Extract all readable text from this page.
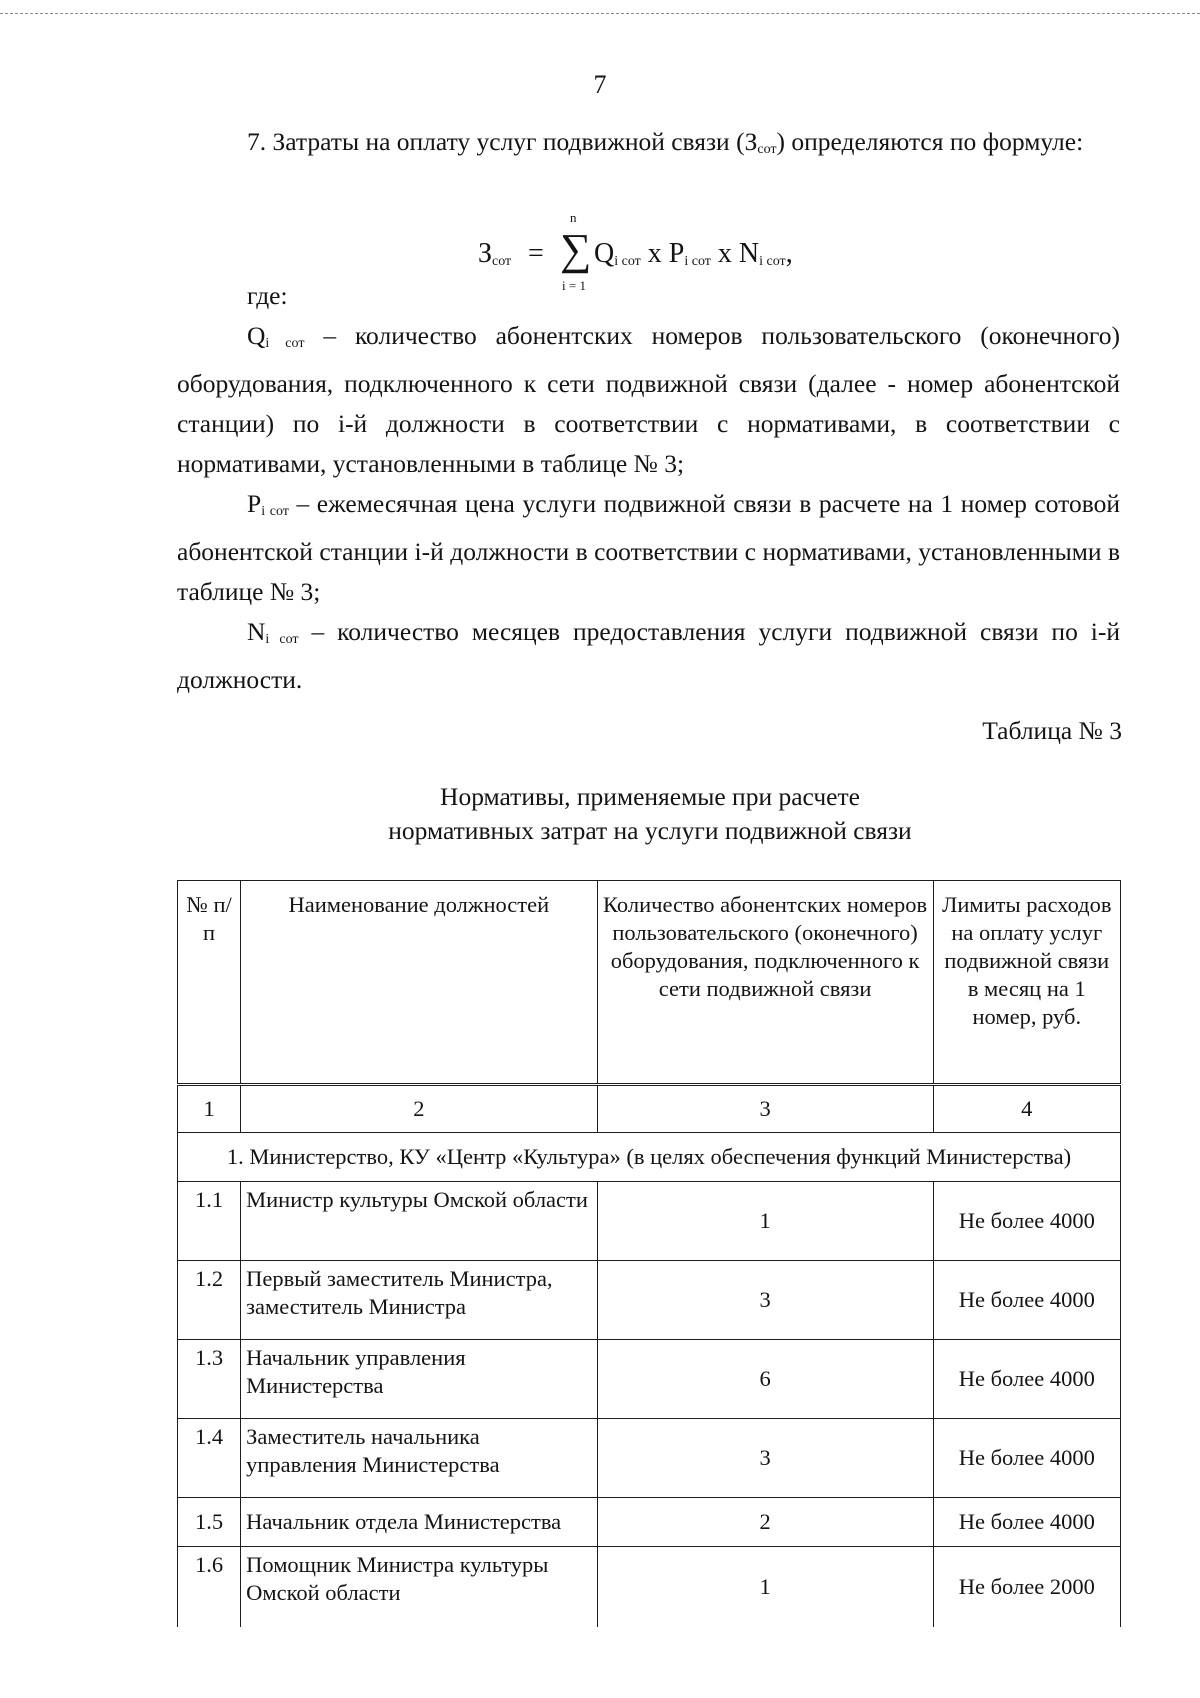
7

7. Затраты на оплату услуг подвижной связи $(З_{сот})$ определяются по формуле:

$З_{сот}$ =
n
∑
i = 1
$Q_{i сот}$ x $P_{i сот}$ x $N_{i сот}$,

где:

$Q_{i сот}$ – количество абонентских номеров пользовательского (оконечного) оборудования, подключенного к сети подвижной связи (далее - номер абонентской станции) по i-й должности в соответствии с нормативами, в соответствии с нормативами, установленными в таблице № 3;

$P_{i сот}$ – ежемесячная цена услуги подвижной связи в расчете на 1 номер сотовой абонентской станции i-й должности в соответствии с нормативами, установленными в таблице № 3;

$N_{i сот}$ – количество месяцев предоставления услуги подвижной связи по i-й должности.

Таблица № 3
Нормативы, применяемые при расчете
нормативных затрат на услуги подвижной связи
№ п/п	Наименование должностей	Количество абонентских номеров пользовательского (оконечного) оборудования, подключенного к сети подвижной связи	Лимиты расходов на оплату услуг подвижной связи в месяц на 1 номер, руб.
1	2	3	4
1. Министерство, КУ «Центр «Культура» (в целях обеспечения функций Министерства)			
1.1	Министр культуры Омской области	1	Не более 4000
1.2	Первый заместитель Министра, заместитель Министра	3	Не более 4000
1.3	Начальник управления Министерства	6	Не более 4000
1.4	Заместитель начальника управления Министерства	3	Не более 4000
1.5	Начальник отдела Министерства	2	Не более 4000
1.6	Помощник Министра культуры Омской области	1	Не более 2000
